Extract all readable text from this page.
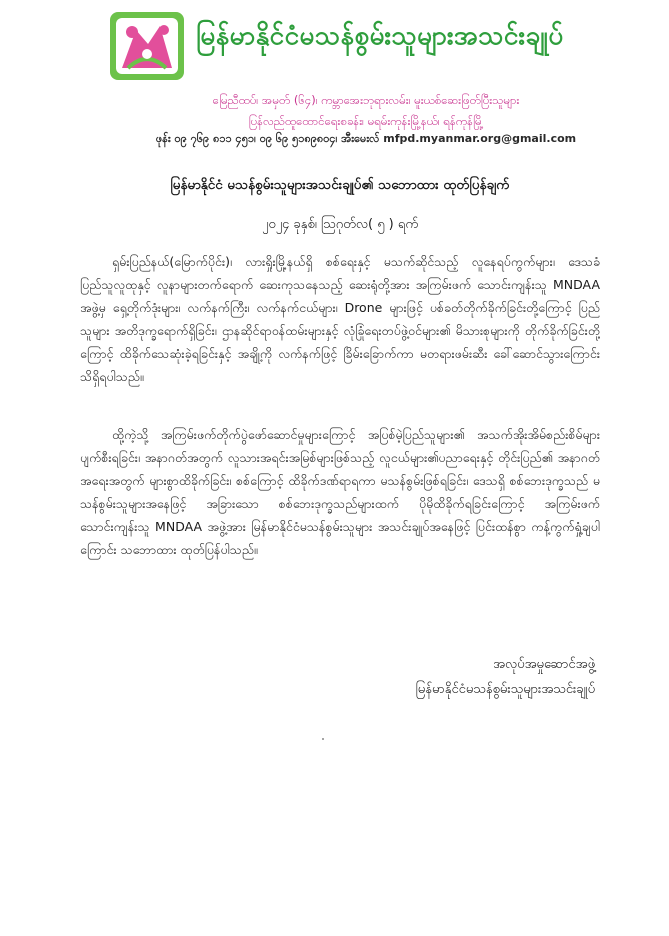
မြန်မာနိုင်ငံမသန်စွမ်းသူများအသင်းချုပ်
မြေညီထပ်၊ အမှတ် (၆၄)၊ ကမ္ဘာအေးဘုရားလမ်း၊ မူးယစ်ဆေးဖြတ်ပြီးသူများ
ပြန်လည်ထူထောင်ရေးစခန်း၊ မရမ်းကုန်းမြို့နယ်၊ ရန်ကုန်မြို့
ဖုန်း ၀၉ ၇၆၉ ၈၁၁ ၄၅၁၊ ၀၉ ၆၉ ၅၁၈၉၈၀၄၊ အီးမေးလ် mfpd.myanmar.org@gmail.com
မြန်မာနိုင်ငံ မသန်စွမ်းသူများအသင်းချုပ်၏ သဘောထား ထုတ်ပြန်ချက်
၂၀၂၄ ခုနှစ်၊ ဩဂုတ်လ( ၅ ) ရက်

ရှမ်းပြည်နယ်(မြောက်ပိုင်း)၊ လားရှိုးမြို့နယ်ရှိ စစ်ရေးနှင့် မသက်ဆိုင်သည့် လူနေရပ်ကွက်များ၊ ဒေသခံပြည်သူလူထုနှင့် လူနာများတက်ရောက် ဆေးကုသနေသည့် ဆေးရုံတို့အား အကြမ်းဖက် သောင်းကျန်းသူ MNDAA အဖွဲ့မှ ရှေ့တိုက်ဒုံးများ၊ လက်နက်ကြီး၊ လက်နက်ငယ်များ၊ Drone များဖြင့် ပစ်ခတ်တိုက်ခိုက်ခြင်းတို့ကြောင့် ပြည်သူများ အတိဒုက္ခရောက်ရှိခြင်း၊ ဌာနဆိုင်ရာဝန်ထမ်းများနှင့် လုံခြုံရေးတပ်ဖွဲ့ဝင်များ၏ မိသားစုများကို တိုက်ခိုက်ခြင်းတို့ကြောင့် ထိခိုက်သေဆုံးခဲ့ရခြင်းနှင့် အချို့ကို လက်နက်ဖြင့် ခြိမ်းခြောက်ကာ မတရားဖမ်းဆီး ခေါ်ဆောင်သွားကြောင်း သိရှိရပါသည်။

ထို့ကဲ့သို့ အကြမ်းဖက်တိုက်ပွဲဖော်ဆောင်မှုများကြောင့် အပြစ်မဲ့ပြည်သူများ၏ အသက်အိုးအိမ်စည်းစိမ်များ ပျက်စီးရခြင်း၊ အနာဂတ်အတွက် လူသားအရင်းအမြစ်များဖြစ်သည့် လူငယ်များ၏ပညာရေးနှင့် တိုင်းပြည်၏ အနာဂတ်အရေးအတွက် များစွာထိခိုက်ခြင်း၊ စစ်ကြောင့် ထိခိုက်ဒဏ်ရာရကာ မသန်စွမ်းဖြစ်ရခြင်း၊ ဒေသရှိ စစ်ဘေးဒုက္ခသည် မသန်စွမ်းသူများအနေဖြင့် အခြားသော စစ်ဘေးဒုက္ခသည်များထက် ပိုမိုထိခိုက်ရခြင်းကြောင့် အကြမ်းဖက် သောင်းကျန်းသူ MNDAA အဖွဲ့အား မြန်မာနိုင်ငံမသန်စွမ်းသူများ အသင်းချုပ်အနေဖြင့် ပြင်းထန်စွာ ကန့်ကွက်ရှုံ့ချပါကြောင်း သဘောထား ထုတ်ပြန်ပါသည်။

အလုပ်အမှုဆောင်အဖွဲ့
မြန်မာနိုင်ငံမသန်စွမ်းသူများအသင်းချုပ်
